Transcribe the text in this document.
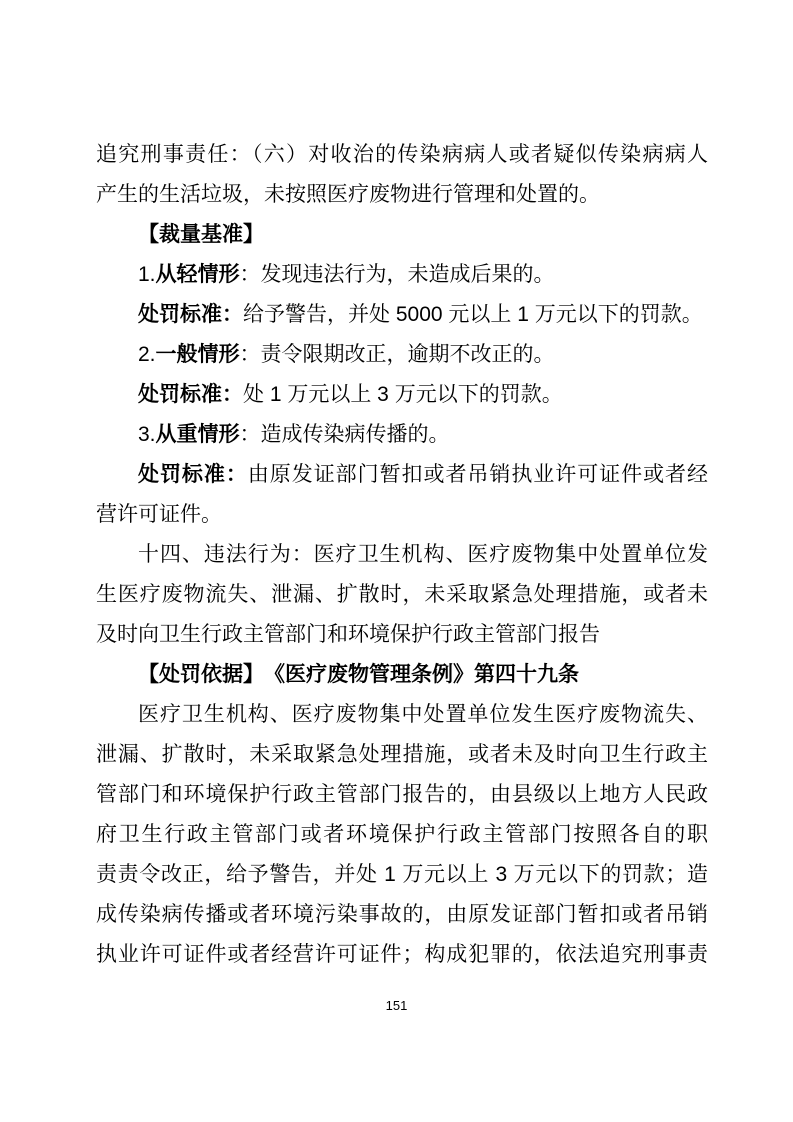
追究刑事责任：（六）对收治的传染病病人或者疑似传染病病人
产生的生活垃圾，未按照医疗废物进行管理和处置的。
【裁量基准】
1.从轻情形：发现违法行为，未造成后果的。
处罚标准：给予警告，并处 5000 元以上 1 万元以下的罚款。
2.一般情形：责令限期改正，逾期不改正的。
处罚标准：处 1 万元以上 3 万元以下的罚款。
3.从重情形：造成传染病传播的。
处罚标准：由原发证部门暂扣或者吊销执业许可证件或者经
营许可证件。
十四、违法行为：医疗卫生机构、医疗废物集中处置单位发
生医疗废物流失、泄漏、扩散时，未采取紧急处理措施，或者未
及时向卫生行政主管部门和环境保护行政主管部门报告
【处罚依据】　 《医疗废物管理条例》第四十九条
医疗卫生机构、医疗废物集中处置单位发生医疗废物流失、
泄漏、扩散时，未采取紧急处理措施，或者未及时向卫生行政主
管部门和环境保护行政主管部门报告的，由县级以上地方人民政
府卫生行政主管部门或者环境保护行政主管部门按照各自的职
责责令改正，给予警告，并处 1 万元以上 3 万元以下的罚款；造
成传染病传播或者环境污染事故的，由原发证部门暂扣或者吊销
执业许可证件或者经营许可证件；构成犯罪的，依法追究刑事责
151
